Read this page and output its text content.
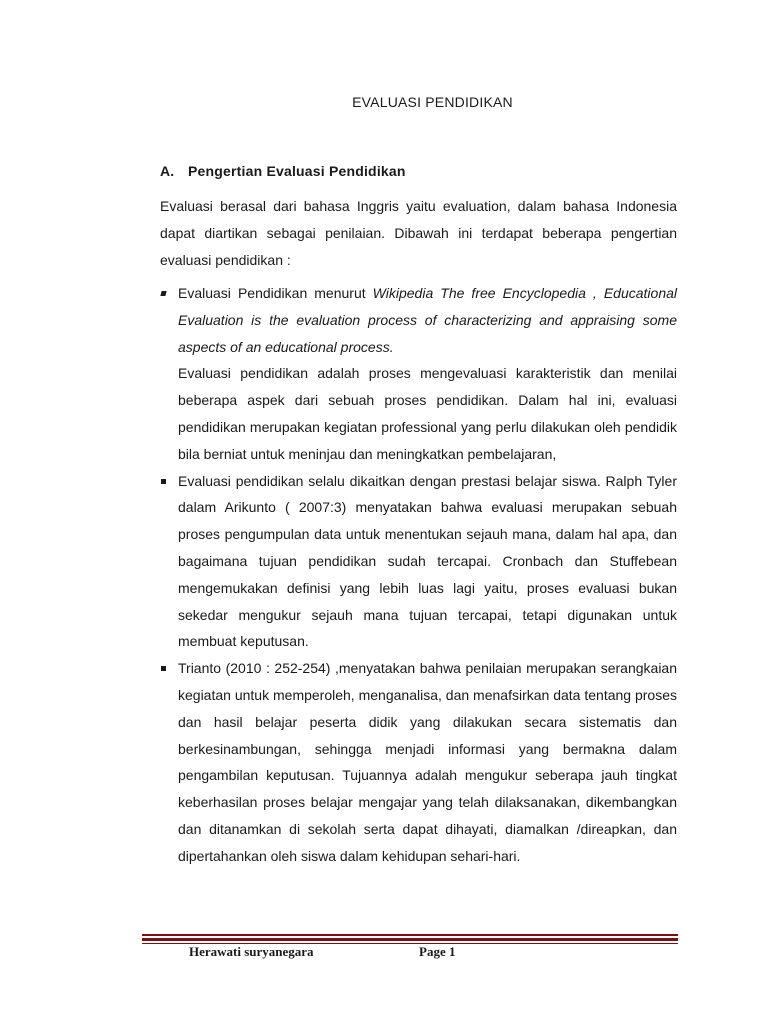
EVALUASI PENDIDIKAN
A. Pengertian Evaluasi Pendidikan
Evaluasi berasal dari bahasa Inggris yaitu evaluation, dalam bahasa Indonesia dapat diartikan sebagai penilaian. Dibawah ini terdapat beberapa pengertian evaluasi pendidikan :
Evaluasi Pendidikan menurut Wikipedia The free Encyclopedia , Educational Evaluation is the evaluation process of characterizing and appraising some aspects of an educational process.
Evaluasi pendidikan adalah proses mengevaluasi karakteristik dan menilai beberapa aspek dari sebuah proses pendidikan. Dalam hal ini, evaluasi pendidikan merupakan kegiatan professional yang perlu dilakukan oleh pendidik bila berniat untuk meninjau dan meningkatkan pembelajaran,
Evaluasi pendidikan selalu dikaitkan dengan prestasi belajar siswa. Ralph Tyler dalam Arikunto ( 2007:3) menyatakan bahwa evaluasi merupakan sebuah proses pengumpulan data untuk menentukan sejauh mana, dalam hal apa, dan bagaimana tujuan pendidikan sudah tercapai. Cronbach dan Stuffebean mengemukakan definisi yang lebih luas lagi yaitu, proses evaluasi bukan sekedar mengukur sejauh mana tujuan tercapai, tetapi digunakan untuk membuat keputusan.
Trianto (2010 : 252-254) ,menyatakan bahwa penilaian merupakan serangkaian kegiatan untuk memperoleh, menganalisa, dan menafsirkan data tentang proses dan hasil belajar peserta didik yang dilakukan secara sistematis dan berkesinambungan, sehingga menjadi informasi yang bermakna dalam pengambilan keputusan. Tujuannya adalah mengukur seberapa jauh tingkat keberhasilan proses belajar mengajar yang telah dilaksanakan, dikembangkan dan ditanamkan di sekolah serta dapat dihayati, diamalkan /direapkan, dan dipertahankan oleh siswa dalam kehidupan sehari-hari.
Herawati suryanegara	Page 1
